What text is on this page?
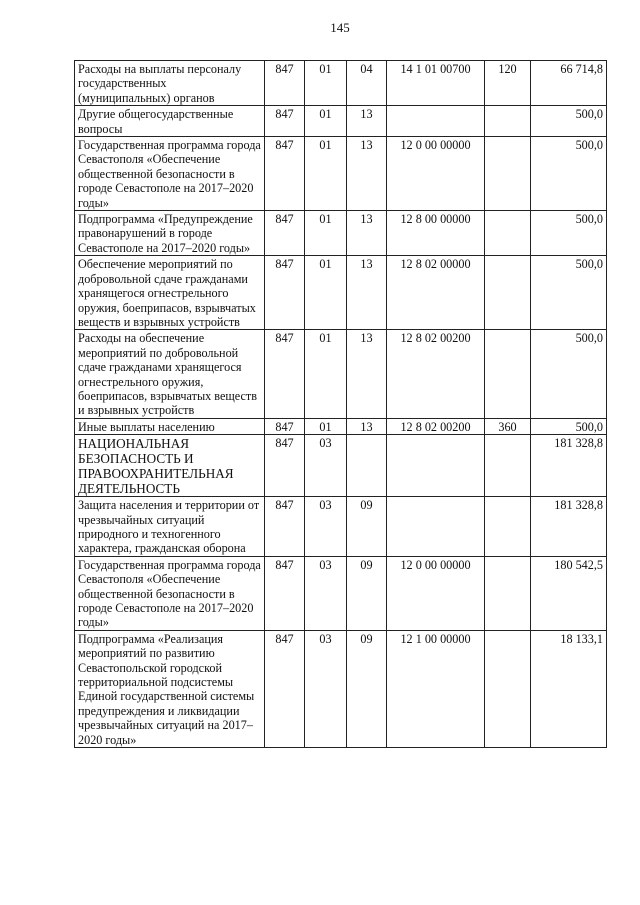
145
Расходы на выплаты персоналу государственных (муниципальных) органов	847	01	04	14 1 01 00700	120	66 714,8
Другие общегосударственные вопросы	847	01	13			500,0
Государственная программа города Севастополя «Обеспечение общественной безопасности в городе Севастополе на 2017–2020 годы»	847	01	13	12 0 00 00000		500,0
Подпрограмма «Предупреждение правонарушений в городе Севастополе на 2017–2020 годы»	847	01	13	12 8 00 00000		500,0
Обеспечение мероприятий по добровольной сдаче гражданами хранящегося огнестрельного оружия, боеприпасов, взрывчатых веществ и взрывных устройств	847	01	13	12 8 02 00000		500,0
Расходы на обеспечение мероприятий по добровольной сдаче гражданами хранящегося огнестрельного оружия, боеприпасов, взрывчатых веществ и взрывных устройств	847	01	13	12 8 02 00200		500,0
Иные выплаты населению	847	01	13	12 8 02 00200	360	500,0
НАЦИОНАЛЬНАЯ БЕЗОПАСНОСТЬ И ПРАВООХРАНИТЕЛЬНАЯ ДЕЯТЕЛЬНОСТЬ	847	03				181 328,8
Защита населения и территории от чрезвычайных ситуаций природного и техногенного характера, гражданская оборона	847	03	09			181 328,8
Государственная программа города Севастополя «Обеспечение общественной безопасности в городе Севастополе на 2017–2020 годы»	847	03	09	12 0 00 00000		180 542,5
Подпрограмма «Реализация мероприятий по развитию Севастопольской городской территориальной подсистемы Единой государственной системы предупреждения и ликвидации чрезвычайных ситуаций на 2017–2020 годы»	847	03	09	12 1 00 00000		18 133,1
